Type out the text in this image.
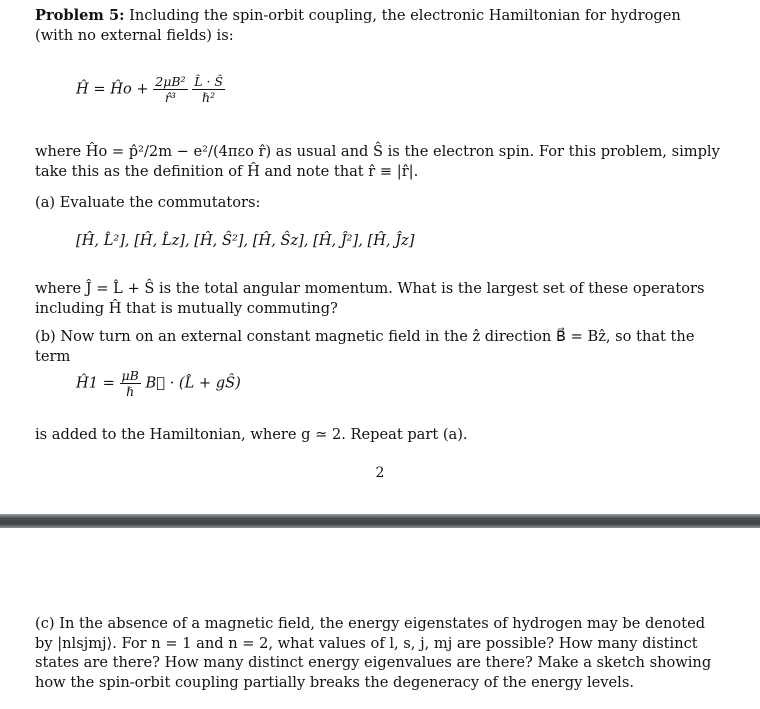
Problem 5: Including the spin-orbit coupling, the electronic Hamiltonian for hydrogen (with no external fields) is:

Ĥ = Ĥo + $\frac{\text{2μB²}}{\text{r̂³}}$
$\frac{L̂ \cdot Ŝ}{\text{ℏ²}}$

where Ĥo = p̂²/2m − e²/(4πεo r̂) as usual and Ŝ is the electron spin. For this problem, simply take this as the definition of Ĥ and note that r̂ ≡ |r̂|.

(a) Evaluate the commutators:

[Ĥ, L̂²], [Ĥ, L̂z], [Ĥ, Ŝ²], [Ĥ, Ŝz], [Ĥ, Ĵ²], [Ĥ, Ĵz]

where Ĵ = L̂ + Ŝ is the total angular momentum. What is the largest set of these operators including Ĥ that is mutually commuting?

(b) Now turn on an external constant magnetic field in the ẑ direction B⃗ = Bẑ, so that the term

Ĥ1 = $\frac{\mu B}{\text{ℏ}}$ B⃗ · (L̂ + gŜ)

is added to the Hamiltonian, where g ≃ 2. Repeat part (a).

2

(c) In the absence of a magnetic field, the energy eigenstates of hydrogen may be denoted by |nlsjmj⟩. For n = 1 and n = 2, what values of l, s, j, mj are possible? How many distinct states are there? How many distinct energy eigenvalues are there? Make a sketch showing how the spin-orbit coupling partially breaks the degeneracy of the energy levels.
